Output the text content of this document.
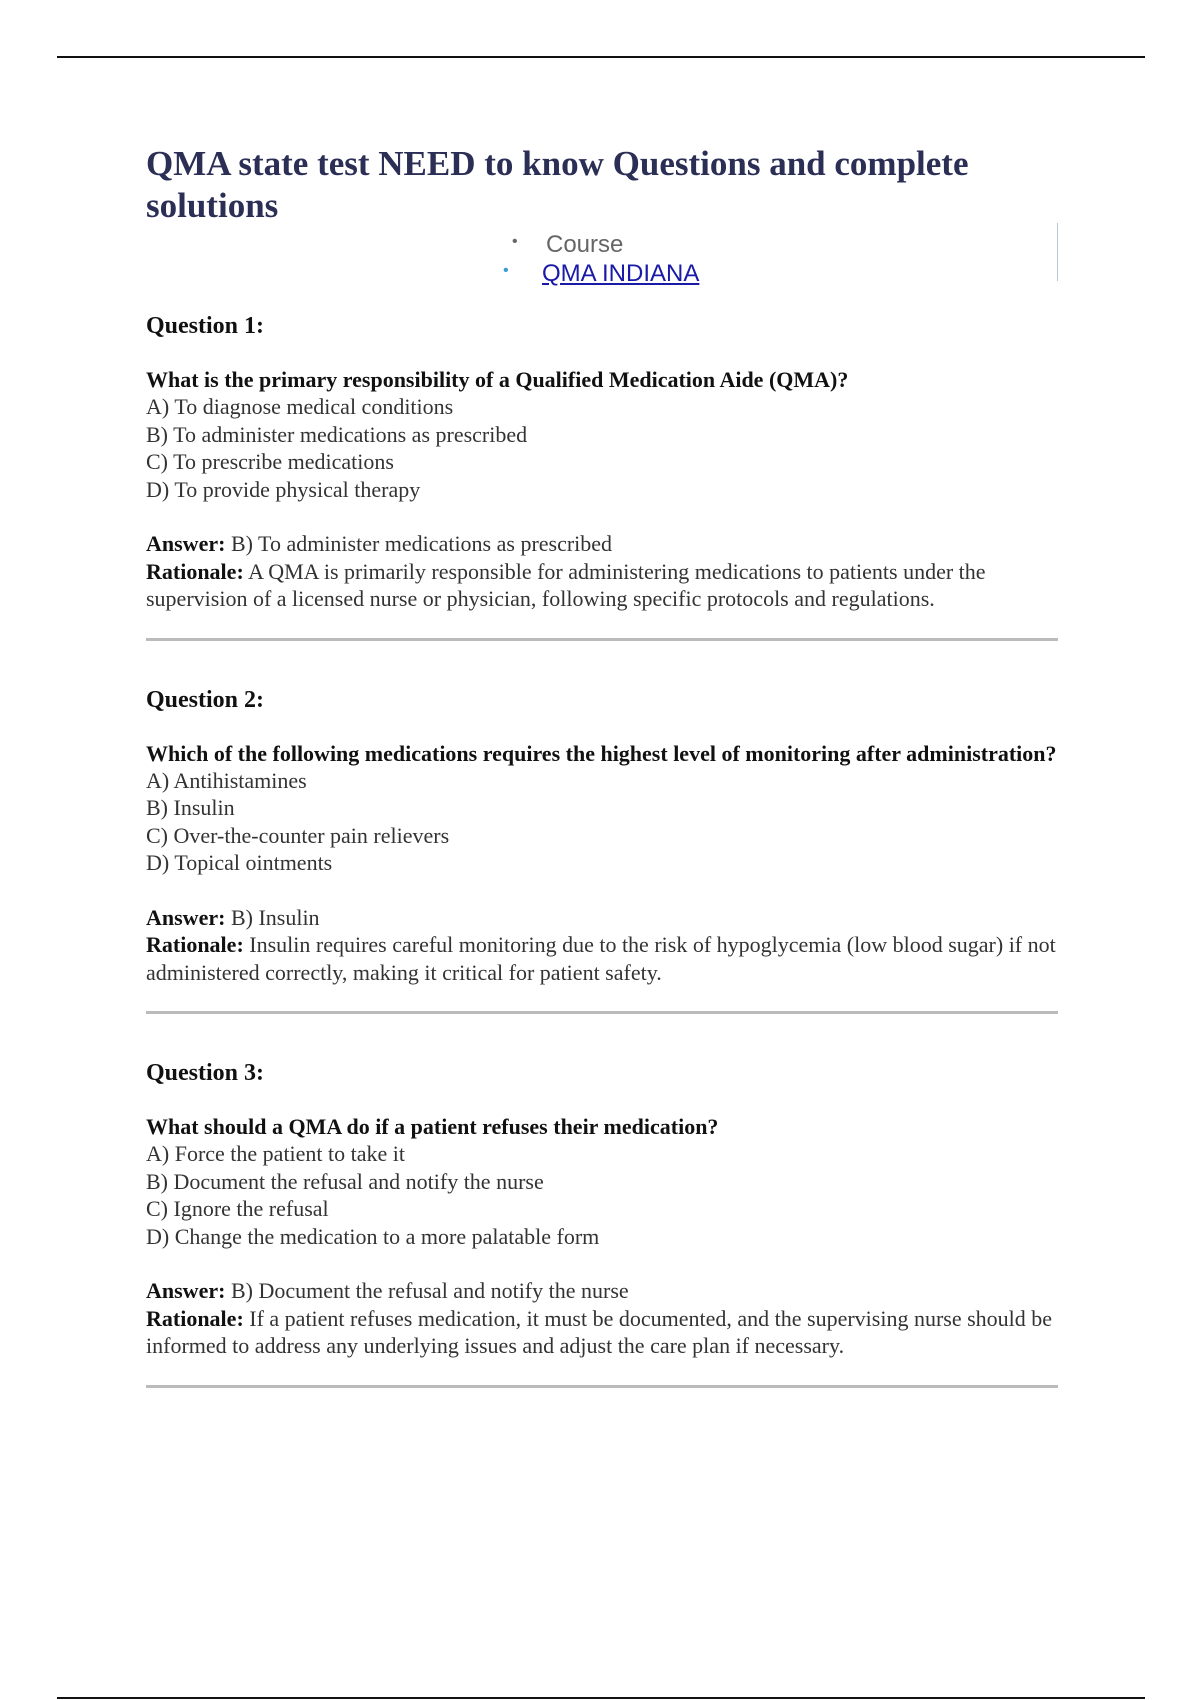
QMA state test NEED to know Questions and complete solutions
• Course
• QMA INDIANA
Question 1:
What is the primary responsibility of a Qualified Medication Aide (QMA)?
A) To diagnose medical conditions
B) To administer medications as prescribed
C) To prescribe medications
D) To provide physical therapy
Answer: B) To administer medications as prescribed
Rationale: A QMA is primarily responsible for administering medications to patients under the supervision of a licensed nurse or physician, following specific protocols and regulations.
Question 2:
Which of the following medications requires the highest level of monitoring after administration?
A) Antihistamines
B) Insulin
C) Over-the-counter pain relievers
D) Topical ointments
Answer: B) Insulin
Rationale: Insulin requires careful monitoring due to the risk of hypoglycemia (low blood sugar) if not administered correctly, making it critical for patient safety.
Question 3:
What should a QMA do if a patient refuses their medication?
A) Force the patient to take it
B) Document the refusal and notify the nurse
C) Ignore the refusal
D) Change the medication to a more palatable form
Answer: B) Document the refusal and notify the nurse
Rationale: If a patient refuses medication, it must be documented, and the supervising nurse should be informed to address any underlying issues and adjust the care plan if necessary.
